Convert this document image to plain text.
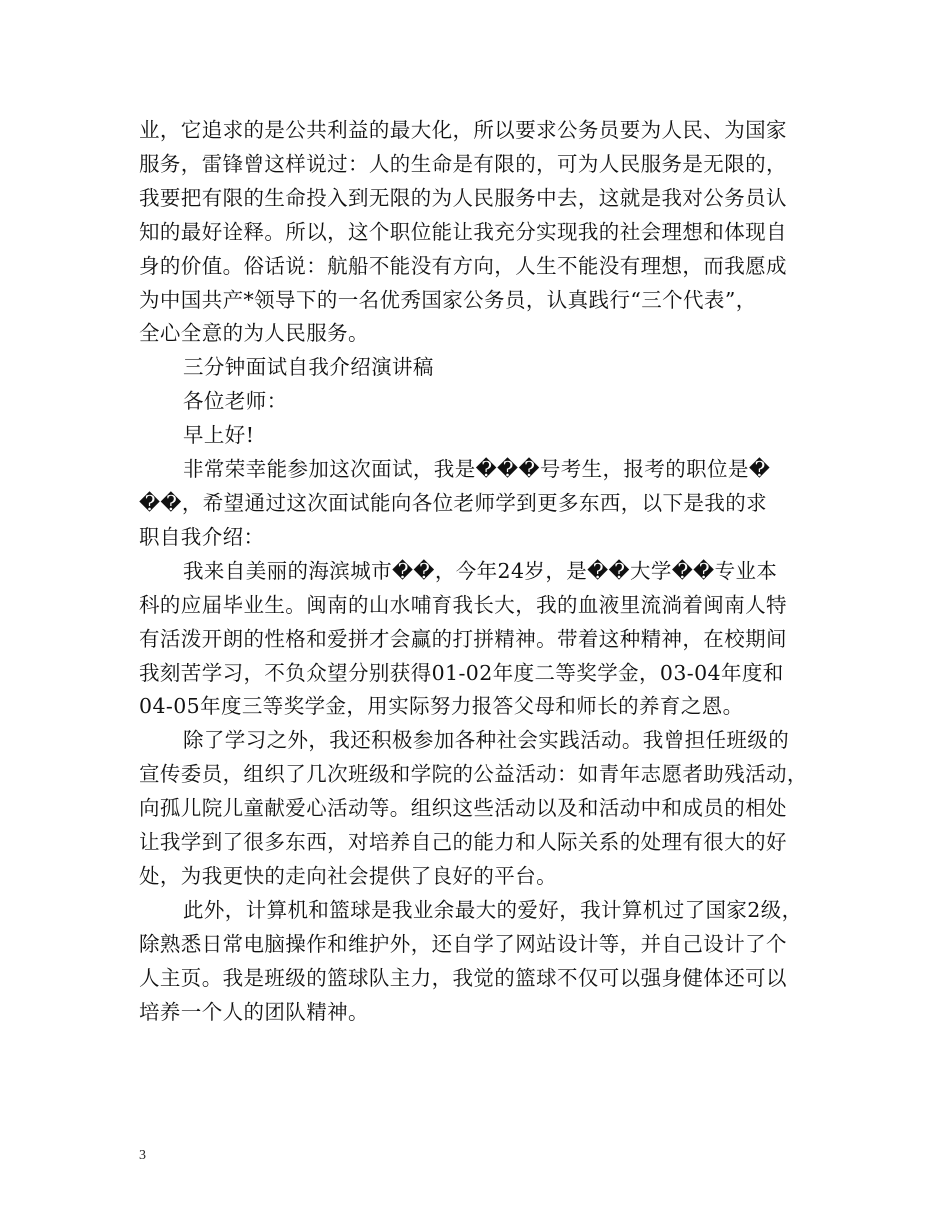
业，它追求的是公共利益的最大化，所以要求公务员要为人民、为国家
服务，雷锋曾这样说过：人的生命是有限的，可为人民服务是无限的，
我要把有限的生命投入到无限的为人民服务中去，这就是我对公务员认
知的最好诠释。所以，这个职位能让我充分实现我的社会理想和体现自
身的价值。俗话说：航船不能没有方向，人生不能没有理想，而我愿成
为中国共产*领导下的一名优秀国家公务员，认真践行“三个代表”，
全心全意的为人民服务。
三分钟面试自我介绍演讲稿
各位老师：
早上好!
非常荣幸能参加这次面试，我是���号考生，报考的职位是�
��，希望通过这次面试能向各位老师学到更多东西，以下是我的求
职自我介绍：
我来自美丽的海滨城市��，今年24岁，是��大学��专业本
科的应届毕业生。闽南的山水哺育我长大，我的血液里流淌着闽南人特
有活泼开朗的性格和爱拼才会赢的打拼精神。带着这种精神，在校期间
我刻苦学习，不负众望分别获得01-02年度二等奖学金，03-04年度和
04-05年度三等奖学金，用实际努力报答父母和师长的养育之恩。
除了学习之外，我还积极参加各种社会实践活动。我曾担任班级的
宣传委员，组织了几次班级和学院的公益活动：如青年志愿者助残活动，
向孤儿院儿童献爱心活动等。组织这些活动以及和活动中和成员的相处
让我学到了很多东西，对培养自己的能力和人际关系的处理有很大的好
处，为我更快的走向社会提供了良好的平台。
此外，计算机和篮球是我业余最大的爱好，我计算机过了国家2级，
除熟悉日常电脑操作和维护外，还自学了网站设计等，并自己设计了个
人主页。我是班级的篮球队主力，我觉的篮球不仅可以强身健体还可以
培养一个人的团队精神。
3
